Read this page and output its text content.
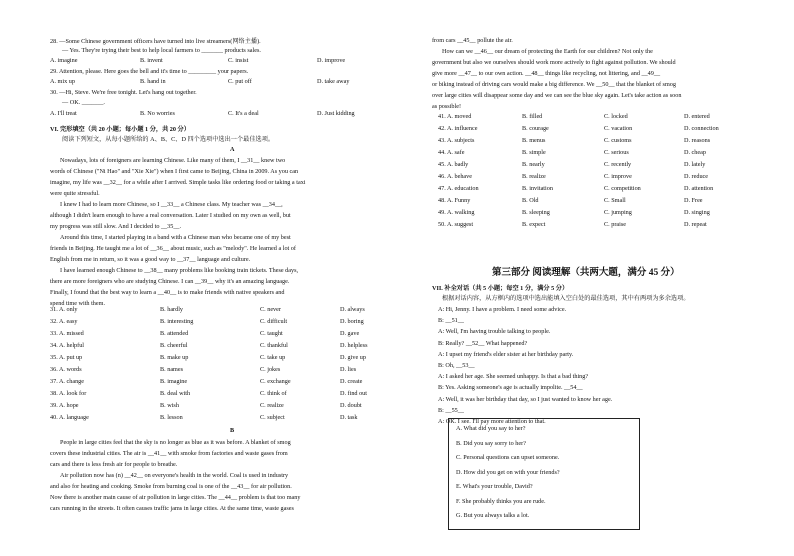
28. —Some Chinese government officers have turned into live streamers(网络主播).
— Yes. They're trying their best to help local farmers to _______ products sales.
A. imagine	B. invent	C. insist	D. improve
29. Attention, please. Here goes the bell and it's time to _________ your papers.
A. mix up	B. hand in	C. put off	D. take away
30. —Hi, Steve. We're free tonight. Let's hang out together.
— OK. _______.
A. I'll treat	B. No worries	C. It's a deal	D. Just kidding
VI. 完形填空（共 20 小题；每小题 1 分，共 20 分）
阅读下列短文，从每小题所给的 A、B、C、D 四个选项中选出一个最佳选项。
A
Nowadays, lots of foreigners are learning Chinese. Like many of them, I __31__ knew two
words of Chinese ("Ni Hao" and "Xie Xie") when I first came to Beijing, China in 2009. As you can
imagine, my life was __32__ for a while after I arrived. Simple tasks like ordering food or taking a taxi
were quite stressful.
I knew I had to learn more Chinese, so I __33__ a Chinese class. My teacher was __34__,
although I didn't learn enough to have a real conversation. Later I studied on my own as well, but
my progress was still slow. And I decided to __35__.
Around this time, I started playing in a band with a Chinese man who became one of my best
friends in Beijing. He taught me a lot of __36__ about music, such as "melody". He learned a lot of
English from me in return, so it was a good way to __37__ language and culture.
I have learned enough Chinese to __38__ many problems like booking train tickets. These days,
there are more foreigners who are studying Chinese. I can __39__ why it's an amazing language.
Finally, I found that the best way to learn a __40__ is to make friends with native speakers and
spend time with them.
31. A. only	B. hardly	C. never	D. always
32. A. easy	B. interesting	C. difficult	D. boring
33. A. missed	B. attended	C. taught	D. gave
34. A. helpful	B. cheerful	C. thankful	D. helpless
35. A. put up	B. make up	C. take up	D. give up
36. A. words	B. names	C. jokes	D. lies
37. A. change	B. imagine	C. exchange	D. create
38. A. look for	B. deal with	C. think of	D. find out
39. A. hope	B. wish	C. realize	D. doubt
40. A. language	B. lesson	C. subject	D. task
B
People in large cities feel that the sky is no longer as blue as it was before. A blanket of smog
covers these industrial cities. The air is __41__ with smoke from factories and waste gases from
cars and there is less fresh air for people to breathe.
Air pollution now has (n) __42__ on everyone's health in the world. Coal is used in industry
and also for heating and cooking. Smoke from burning coal is one of the __43__ for air pollution.
Now there is another main cause of air pollution in large cities. The __44__ problem is that too many
cars running in the streets. It often causes traffic jams in large cities. At the same time, waste gases
from cars __45__ pollute the air.
How can we __46__ our dream of protecting the Earth for our children? Not only the
government but also we ourselves should work more actively to fight against pollution. We should
give more __47__ to our own action. __48__ things like recycling, not littering, and __49__
or biking instead of driving cars would make a big difference. We __50__ that the blanket of smog
over large cities will disappear some day and we can see the blue sky again. Let's take action as soon
as possible!
41. A. moved	B. filled	C. locked	D. entered
42. A. influence	B. courage	C. vacation	D. connection
43. A. subjects	B. menus	C. customs	D. reasons
44. A. safe	B. simple	C. serious	D. cheap
45. A. badly	B. nearly	C. recently	D. lately
46. A. behave	B. realize	C. improve	D. reduce
47. A. education	B. invitation	C. competition	D. attention
48. A. Funny	B. Old	C. Small	D. Free
49. A. walking	B. sleeping	C. jumping	D. singing
50. A. suggest	B. expect	C. praise	D. repeat
第三部分 阅读理解（共两大题，满分 45 分）
VII. 补全对话（共 5 小题；每空 1 分，满分 5 分）
根据对话内容，从方框内的选项中选出能填入空白处的最佳选项，其中有两项为多余选项。
A: Hi, Jenny. I have a problem. I need some advice.
B: __51__
A: Well, I'm having trouble talking to people.
B: Really? __52__ What happened?
A: I upset my friend's elder sister at her birthday party.
B: Oh, __53__
A: I asked her age. She seemed unhappy. Is that a bad thing?
B: Yes. Asking someone's age is actually impolite. __54__
A: Well, it was her birthday that day, so I just wanted to know her age.
B: __55__
A: OK. I see. I'll pay more attention to that.
A. What did you say to her?
B. Did you say sorry to her?
C. Personal questions can upset someone.
D. How did you get on with your friends?
E. What's your trouble, David?
F. She probably thinks you are rude.
G. But you always talks a lot.
